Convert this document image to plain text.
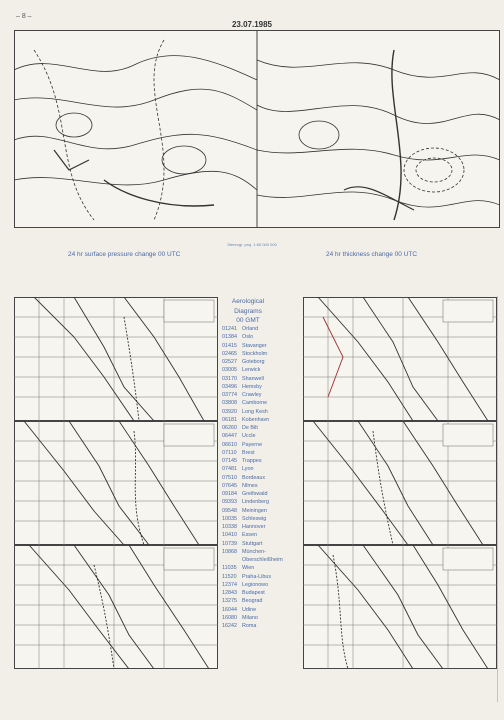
– 8 –
23.07.1985
Stereogr. proj. 1:60 000 000
24 hr surface pressure change 00 UTC	24 hr thickness change 00 UTC
Aerological
Diagrams
00 GMT
01241 Orland
01384 Oslo
01415 Stavanger
02465 Stockholm
02527 Goteborg
03005 Lerwick
03170 Shanwell
03496 Hemsby
03774 Crawley
03808 Camborne
03920 Long Kesh
06181 Kobenhavn
06260 De Bilt
06447 Uccle
06610 Payerne
07110 Brest
07145 Trappes
07481 Lyon
07510 Bordeaux
07645 Nîmes
09184 Greifswald
09393 Lindenberg
09548 Meiningen
10035 Schleswig
10338 Hannover
10410 Essen
10739 Stuttgart
10868 München-
Oberschleißheim
11035 Wien
11520 Praha-Libus
12374 Legionowo
12843 Budapest
13275 Beograd
16044 Udine
16080 Milano
16242 Roma
